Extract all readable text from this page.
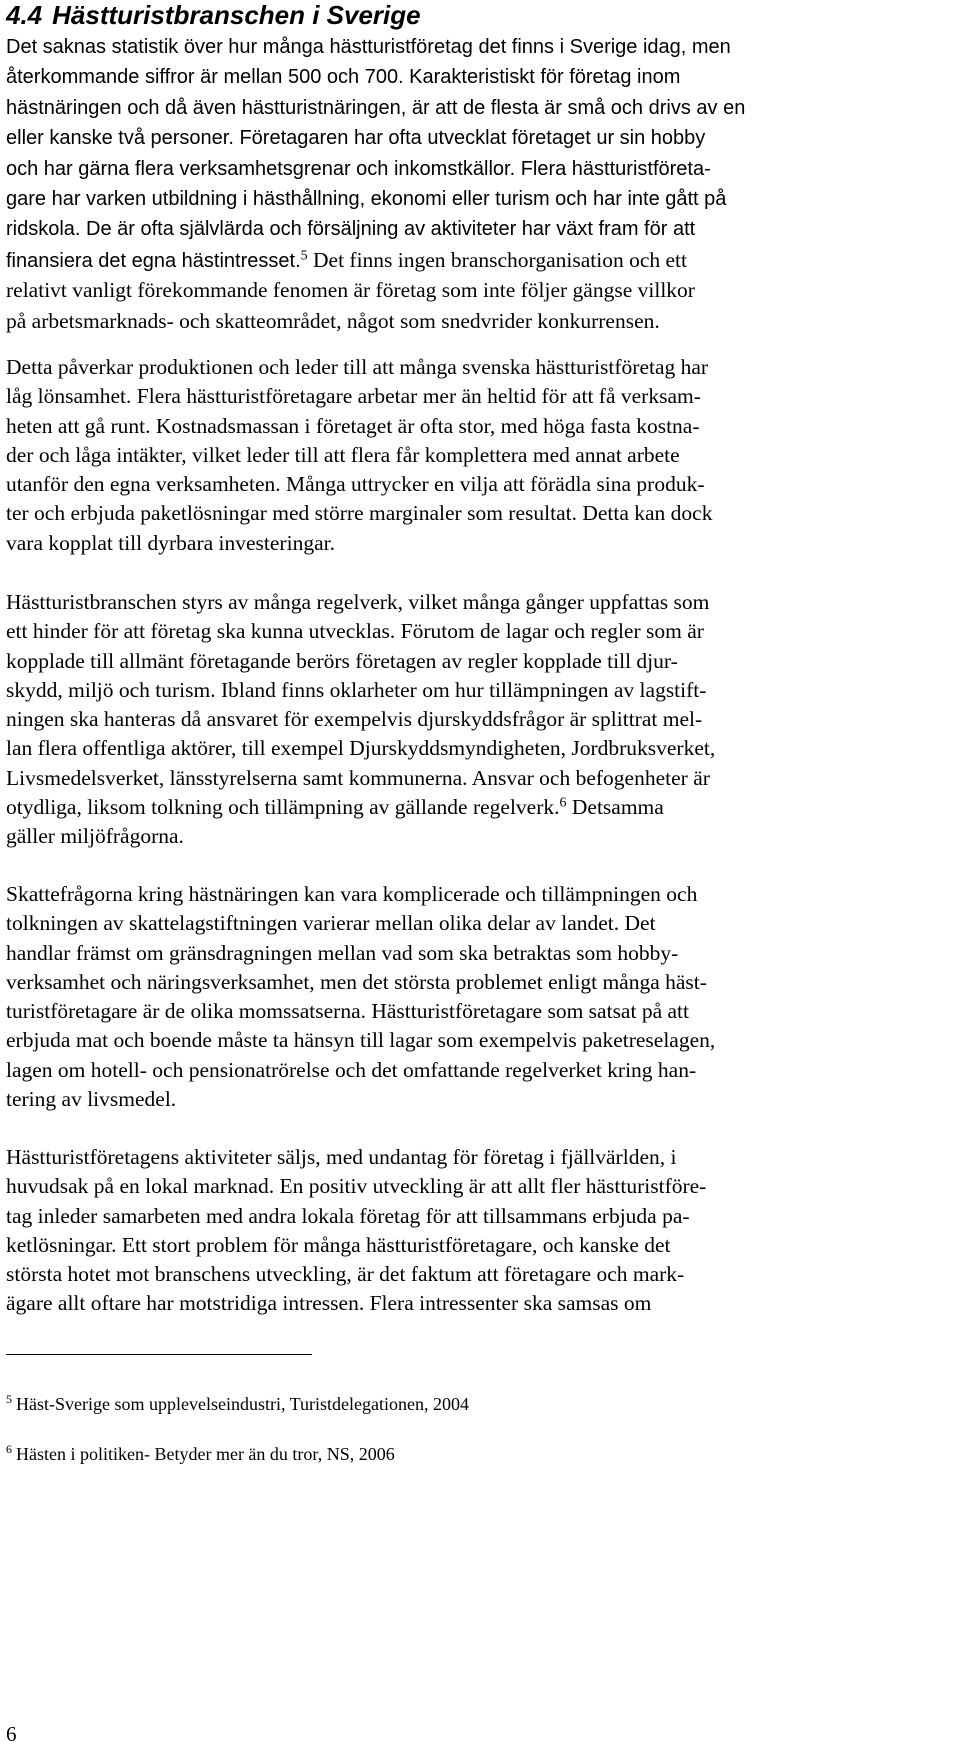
4.4 Hästturistbranschen i Sverige
Det saknas statistik över hur många hästturistföretag det finns i Sverige idag, men
återkommande siffror är mellan 500 och 700. Karakteristiskt för företag inom
hästnäringen och då även hästturistnäringen, är att de flesta är små och drivs av en
eller kanske två personer. Företagaren har ofta utvecklat företaget ur sin hobby
och har gärna flera verksamhetsgrenar och inkomstkällor. Flera hästturistföreta-
gare har varken utbildning i hästhållning, ekonomi eller turism och har inte gått på
ridskola. De är ofta självlärda och försäljning av aktiviteter har växt fram för att
finansiera det egna hästintresset.$^5$ Det finns ingen branschorganisation och ett
relativt vanligt förekommande fenomen är företag som inte följer gängse villkor
på arbetsmarknads- och skatteområdet, något som snedvrider konkurrensen.
Detta påverkar produktionen och leder till att många svenska hästturistföretag har
låg lönsamhet. Flera hästturistföretagare arbetar mer än heltid för att få verksam-
heten att gå runt. Kostnadsmassan i företaget är ofta stor, med höga fasta kostna-
der och låga intäkter, vilket leder till att flera får komplettera med annat arbete
utanför den egna verksamheten. Många uttrycker en vilja att förädla sina produk-
ter och erbjuda paketlösningar med större marginaler som resultat. Detta kan dock
vara kopplat till dyrbara investeringar.
Hästturistbranschen styrs av många regelverk, vilket många gånger uppfattas som
ett hinder för att företag ska kunna utvecklas. Förutom de lagar och regler som är
kopplade till allmänt företagande berörs företagen av regler kopplade till djur-
skydd, miljö och turism. Ibland finns oklarheter om hur tillämpningen av lagstift-
ningen ska hanteras då ansvaret för exempelvis djurskyddsfrågor är splittrat mel-
lan flera offentliga aktörer, till exempel Djurskyddsmyndigheten, Jordbruksverket,
Livsmedelsverket, länsstyrelserna samt kommunerna. Ansvar och befogenheter är
otydliga, liksom tolkning och tillämpning av gällande regelverk.$^6$ Detsamma
gäller miljöfrågorna.
Skattefrågorna kring hästnäringen kan vara komplicerade och tillämpningen och
tolkningen av skattelagstiftningen varierar mellan olika delar av landet. Det
handlar främst om gränsdragningen mellan vad som ska betraktas som hobby-
verksamhet och näringsverksamhet, men det största problemet enligt många häst-
turistföretagare är de olika momssatserna. Hästturistföretagare som satsat på att
erbjuda mat och boende måste ta hänsyn till lagar som exempelvis paketreselagen,
lagen om hotell- och pensionatrörelse och det omfattande regelverket kring han-
tering av livsmedel.
Hästturistföretagens aktiviteter säljs, med undantag för företag i fjällvärlden, i
huvudsak på en lokal marknad. En positiv utveckling är att allt fler hästturistföre-
tag inleder samarbeten med andra lokala företag för att tillsammans erbjuda pa-
ketlösningar. Ett stort problem för många hästturistföretagare, och kanske det
största hotet mot branschens utveckling, är det faktum att företagare och mark-
ägare allt oftare har motstridiga intressen. Flera intressenter ska samsas om
$^5$ Häst-Sverige som upplevelseindustri, Turistdelegationen, 2004
$^6$ Hästen i politiken- Betyder mer än du tror, NS, 2006
6
